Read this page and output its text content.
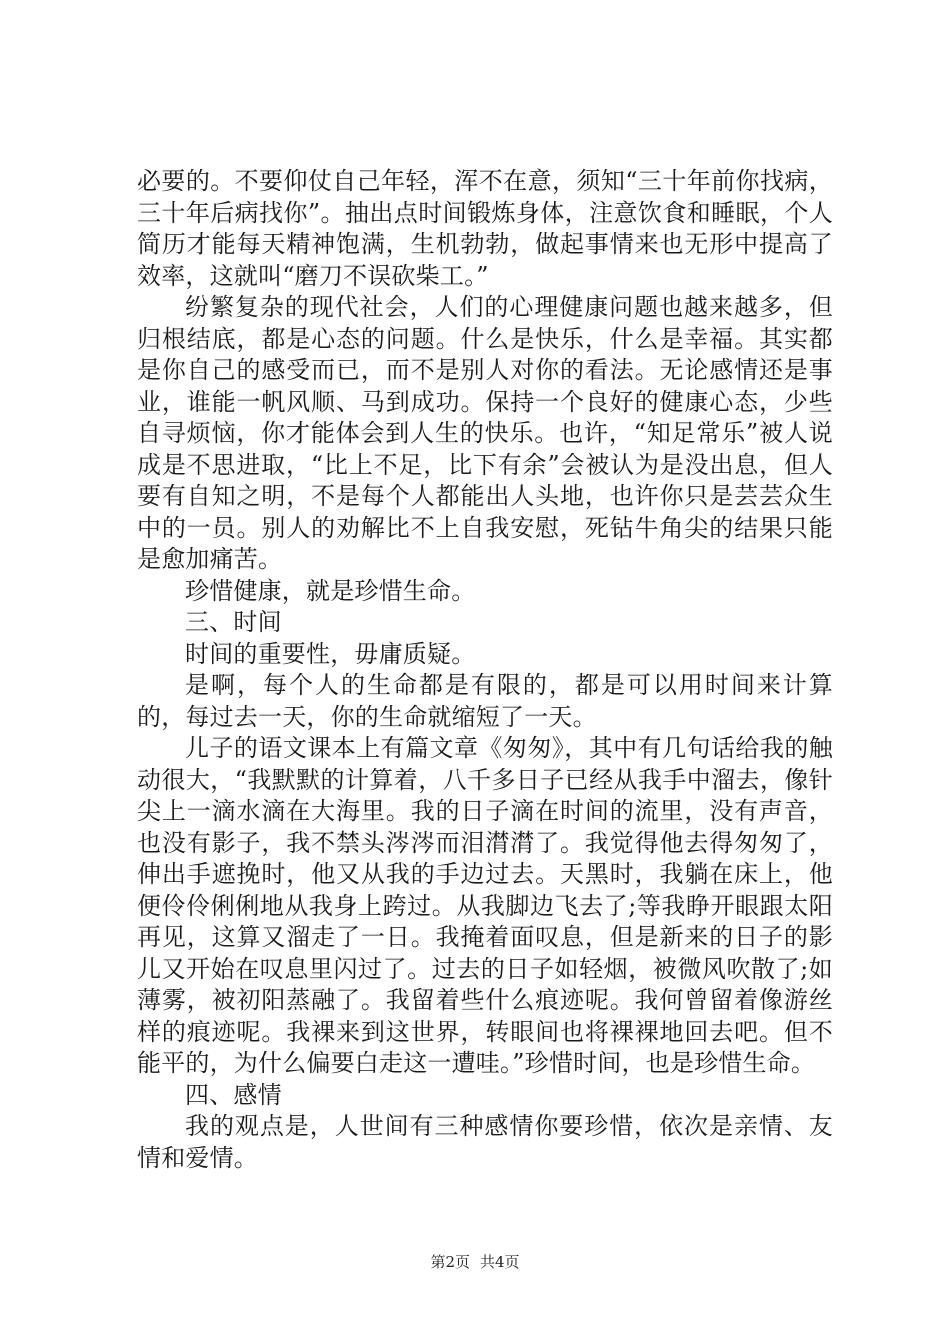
必要的。不要仰仗自己年轻，浑不在意，须知“三十年前你找病，三十年后病找你”。抽出点时间锻炼身体，注意饮食和睡眠，个人简历才能每天精神饱满，生机勃勃，做起事情来也无形中提高了效率，这就叫“磨刀不误砍柴工。”

纷繁复杂的现代社会，人们的心理健康问题也越来越多，但归根结底，都是心态的问题。什么是快乐，什么是幸福。其实都是你自己的感受而已，而不是别人对你的看法。无论感情还是事业，谁能一帆风顺、马到成功。保持一个良好的健康心态，少些自寻烦恼，你才能体会到人生的快乐。也许，“知足常乐”被人说成是不思进取，“比上不足，比下有余”会被认为是没出息，但人要有自知之明，不是每个人都能出人头地，也许你只是芸芸众生中的一员。别人的劝解比不上自我安慰，死钻牛角尖的结果只能是愈加痛苦。

珍惜健康，就是珍惜生命。

三、时间

时间的重要性，毋庸质疑。

是啊，每个人的生命都是有限的，都是可以用时间来计算的，每过去一天，你的生命就缩短了一天。

儿子的语文课本上有篇文章《匆匆》，其中有几句话给我的触动很大，“我默默的计算着，八千多日子已经从我手中溜去，像针尖上一滴水滴在大海里。我的日子滴在时间的流里，没有声音，也没有影子，我不禁头涔涔而泪潸潸了。我觉得他去得匆匆了，伸出手遮挽时，他又从我的手边过去。天黑时，我躺在床上，他便伶伶俐俐地从我身上跨过。从我脚边飞去了;等我睁开眼跟太阳再见，这算又溜走了一日。我掩着面叹息，但是新来的日子的影儿又开始在叹息里闪过了。过去的日子如轻烟，被微风吹散了;如薄雾，被初阳蒸融了。我留着些什么痕迹呢。我何曾留着像游丝样的痕迹呢。我裸来到这世界，转眼间也将裸裸地回去吧。但不能平的，为什么偏要白走这一遭哇。”珍惜时间，也是珍惜生命。

四、感情

我的观点是，人世间有三种感情你要珍惜，依次是亲情、友情和爱情。

第2页 共4页
